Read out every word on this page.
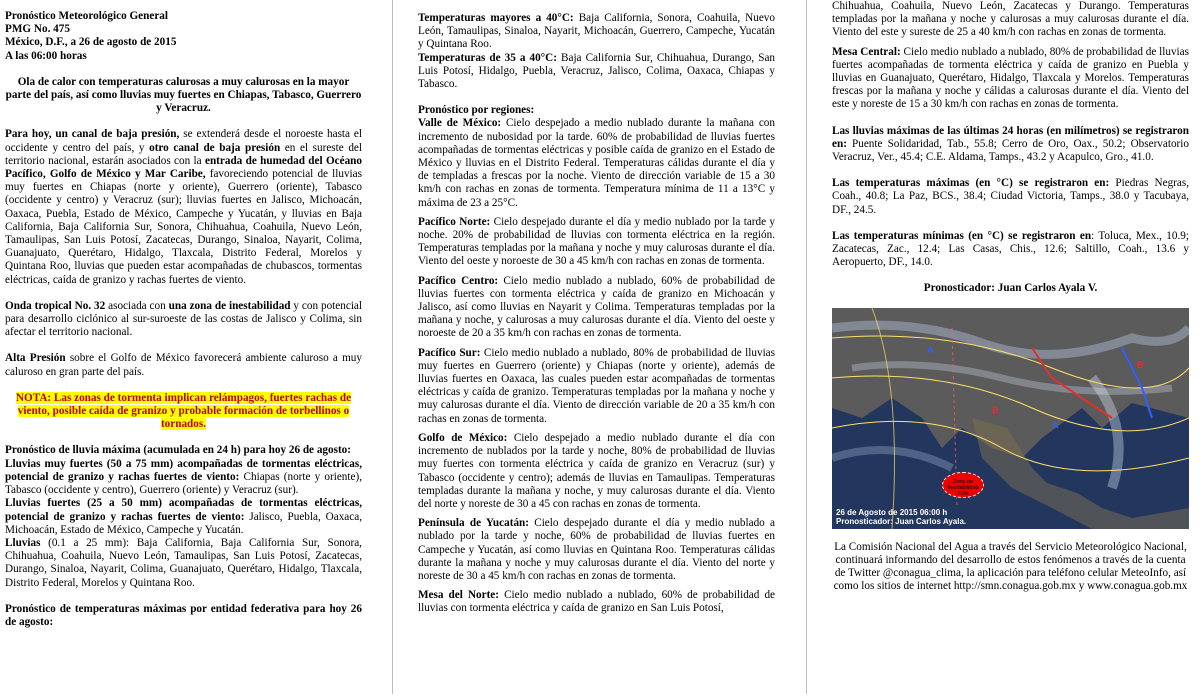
Pronóstico Meteorológico General

PMG No. 475

México, D.F., a 26 de agosto de 2015

A las 06:00 horas

Ola de calor con temperaturas calurosas a muy calurosas en la mayor parte del país, así como lluvias muy fuertes en Chiapas, Tabasco, Guerrero y Veracruz.

Para hoy, un canal de baja presión, se extenderá desde el noroeste hasta el occidente y centro del país, y otro canal de baja presión en el sureste del territorio nacional, estarán asociados con la entrada de humedad del Océano Pacífico, Golfo de México y Mar Caribe, favoreciendo potencial de lluvias muy fuertes en Chiapas (norte y oriente), Guerrero (oriente), Tabasco (occidente y centro) y Veracruz (sur); lluvias fuertes en Jalisco, Michoacán, Oaxaca, Puebla, Estado de México, Campeche y Yucatán, y lluvias en Baja California, Baja California Sur, Sonora, Chihuahua, Coahuila, Nuevo León, Tamaulipas, San Luis Potosí, Zacatecas, Durango, Sinaloa, Nayarit, Colima, Guanajuato, Querétaro, Hidalgo, Tlaxcala, Distrito Federal, Morelos y Quintana Roo, lluvias que pueden estar acompañadas de chubascos, tormentas eléctricas, caída de granizo y rachas fuertes de viento.

Onda tropical No. 32 asociada con una zona de inestabilidad y con potencial para desarrollo ciclónico al sur-suroeste de las costas de Jalisco y Colima, sin afectar el territorio nacional.

Alta Presión sobre el Golfo de México favorecerá ambiente caluroso a muy caluroso en gran parte del país.

NOTA: Las zonas de tormenta implican relámpagos, fuertes rachas de viento, posible caída de granizo y probable formación de torbellinos o tornados.

Pronóstico de lluvia máxima (acumulada en 24 h) para hoy 26 de agosto:

Lluvias muy fuertes (50 a 75 mm) acompañadas de tormentas eléctricas, potencial de granizo y rachas fuertes de viento: Chiapas (norte y oriente), Tabasco (occidente y centro), Guerrero (oriente) y Veracruz (sur).

Lluvias fuertes (25 a 50 mm) acompañadas de tormentas eléctricas, potencial de granizo y rachas fuertes de viento: Jalisco, Puebla, Oaxaca, Michoacán, Estado de México, Campeche y Yucatán.

Lluvias (0.1 a 25 mm): Baja California, Baja California Sur, Sonora, Chihuahua, Coahuila, Nuevo León, Tamaulipas, San Luis Potosí, Zacatecas, Durango, Sinaloa, Nayarit, Colima, Guanajuato, Querétaro, Hidalgo, Tlaxcala, Distrito Federal, Morelos y Quintana Roo.

Pronóstico de temperaturas máximas por entidad federativa para hoy 26 de agosto:

Temperaturas mayores a 40°C: Baja California, Sonora, Coahuila, Nuevo León, Tamaulipas, Sinaloa, Nayarit, Michoacán, Guerrero, Campeche, Yucatán y Quintana Roo.

Temperaturas de 35 a 40°C: Baja California Sur, Chihuahua, Durango, San Luis Potosí, Hidalgo, Puebla, Veracruz, Jalisco, Colima, Oaxaca, Chiapas y Tabasco.

Pronóstico por regiones:

Valle de México: Cielo despejado a medio nublado durante la mañana con incremento de nubosidad por la tarde. 60% de probabilidad de lluvias fuertes acompañadas de tormentas eléctricas y posible caída de granizo en el Estado de México y lluvias en el Distrito Federal. Temperaturas cálidas durante el día y de templadas a frescas por la noche. Viento de dirección variable de 15 a 30 km/h con rachas en zonas de tormenta. Temperatura mínima de 11 a 13°C y máxima de 23 a 25°C.

Pacífico Norte: Cielo despejado durante el día y medio nublado por la tarde y noche. 20% de probabilidad de lluvias con tormenta eléctrica en la región. Temperaturas templadas por la mañana y noche y muy calurosas durante el día. Viento del oeste y noroeste de 30 a 45 km/h con rachas en zonas de tormenta.

Pacífico Centro: Cielo medio nublado a nublado, 60% de probabilidad de lluvias fuertes con tormenta eléctrica y caída de granizo en Michoacán y Jalisco, así como lluvias en Nayarit y Colima. Temperaturas templadas por la mañana y noche, y calurosas a muy calurosas durante el día. Viento del oeste y noroeste de 20 a 35 km/h con rachas en zonas de tormenta.

Pacífico Sur: Cielo medio nublado a nublado, 80% de probabilidad de lluvias muy fuertes en Guerrero (oriente) y Chiapas (norte y oriente), además de lluvias fuertes en Oaxaca, las cuales pueden estar acompañadas de tormentas eléctricas y caída de granizo. Temperaturas templadas por la mañana y noche y muy calurosas durante el día. Viento de dirección variable de 20 a 35 km/h con rachas en zonas de tormenta.

Golfo de México: Cielo despejado a medio nublado durante el día con incremento de nublados por la tarde y noche, 80% de probabilidad de lluvias muy fuertes con tormenta eléctrica y caída de granizo en Veracruz (sur) y Tabasco (occidente y centro); además de lluvias en Tamaulipas. Temperaturas templadas durante la mañana y noche, y muy calurosas durante el día. Viento del norte y noreste de 30 a 45 con rachas en zonas de tormenta.

Península de Yucatán: Cielo despejado durante el día y medio nublado a nublado por la tarde y noche, 60% de probabilidad de lluvias fuertes en Campeche y Yucatán, así como lluvias en Quintana Roo. Temperaturas cálidas durante la mañana y noche y muy calurosas durante el día. Viento del norte y noreste de 30 a 45 km/h con rachas en zonas de tormenta.

Mesa del Norte: Cielo medio nublado a nublado, 60% de probabilidad de lluvias con tormenta eléctrica y caída de granizo en San Luis Potosí,

Chihuahua, Coahuila, Nuevo León, Zacatecas y Durango. Temperaturas templadas por la mañana y noche y calurosas a muy calurosas durante el día. Viento del este y sureste de 25 a 40 km/h con rachas en zonas de tormenta.

Mesa Central: Cielo medio nublado a nublado, 80% de probabilidad de lluvias fuertes acompañadas de tormenta eléctrica y caída de granizo en Puebla y lluvias en Guanajuato, Querétaro, Hidalgo, Tlaxcala y Morelos. Temperaturas frescas por la mañana y noche y cálidas a calurosas durante el día. Viento del este y noreste de 15 a 30 km/h con rachas en zonas de tormenta.

Las lluvias máximas de las últimas 24 horas (en milímetros) se registraron en: Puente Solidaridad, Tab., 55.8; Cerro de Oro, Oax., 50.2; Observatorio Veracruz, Ver., 45.4; C.E. Aldama, Tamps., 43.2 y Acapulco, Gro., 41.0.

Las temperaturas máximas (en °C) se registraron en: Piedras Negras, Coah., 40.8; La Paz, BCS., 38.4; Ciudad Victoria, Tamps., 38.0 y Tacubaya, DF., 24.5.

Las temperaturas mínimas (en °C) se registraron en: Toluca, Mex., 10.9; Zacatecas, Zac., 12.4; Las Casas, Chis., 12.6; Saltillo, Coah., 13.6 y Aeropuerto, DF., 14.0.

Pronosticador: Juan Carlos Ayala V.

A
A
B
B
Zona de Inestabilidad 70%
26 de Agosto de 2015 06:00 h
Pronosticador: Juan Carlos Ayala.

La Comisión Nacional del Agua a través del Servicio Meteorológico Nacional, continuará informando del desarrollo de estos fenómenos a través de la cuenta de Twitter @conagua_clima, la aplicación para teléfono celular MeteoInfo, así como los sitios de internet http://smn.conagua.gob.mx y www.conagua.gob.mx
